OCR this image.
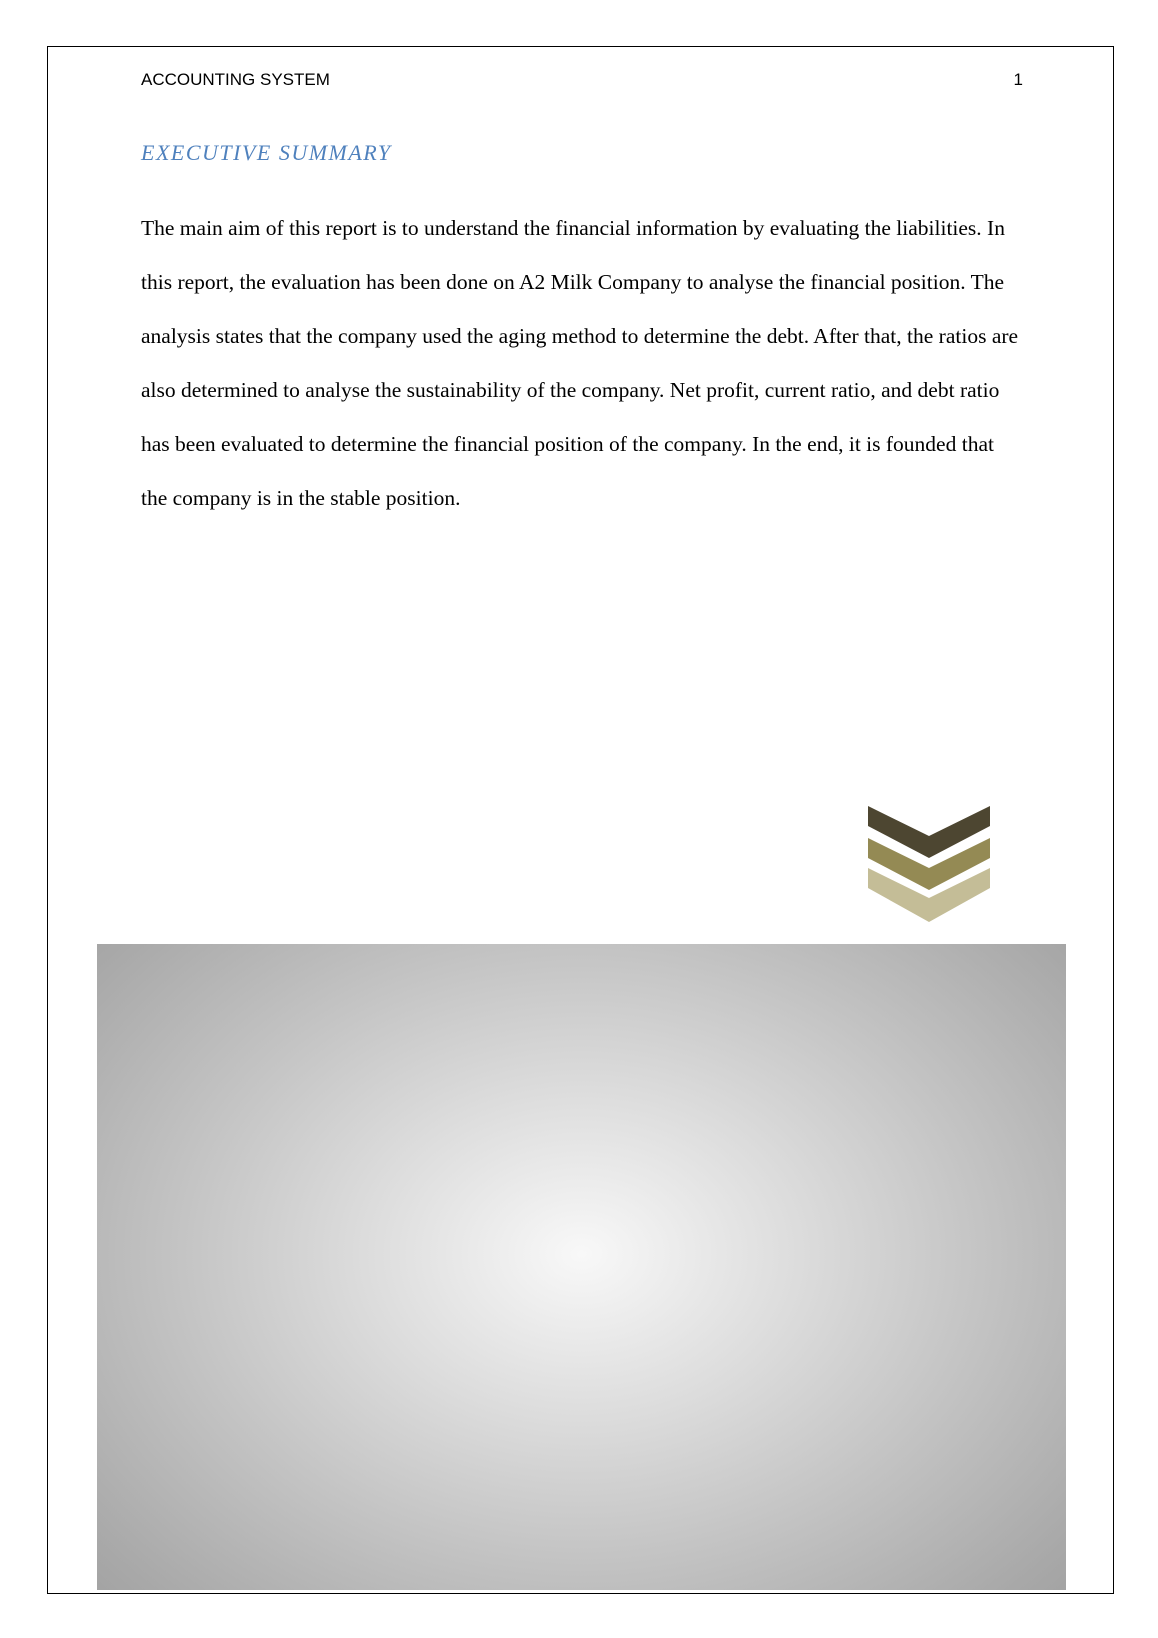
ACCOUNTING SYSTEM	1
EXECUTIVE SUMMARY

The main aim of this report is to understand the financial information by evaluating the liabilities. In this report, the evaluation has been done on A2 Milk Company to analyse the financial position. The analysis states that the company used the aging method to determine the debt. After that, the ratios are also determined to analyse the sustainability of the company. Net profit, current ratio, and debt ratio has been evaluated to determine the financial position of the company. In the end, it is founded that the company is in the stable position.
